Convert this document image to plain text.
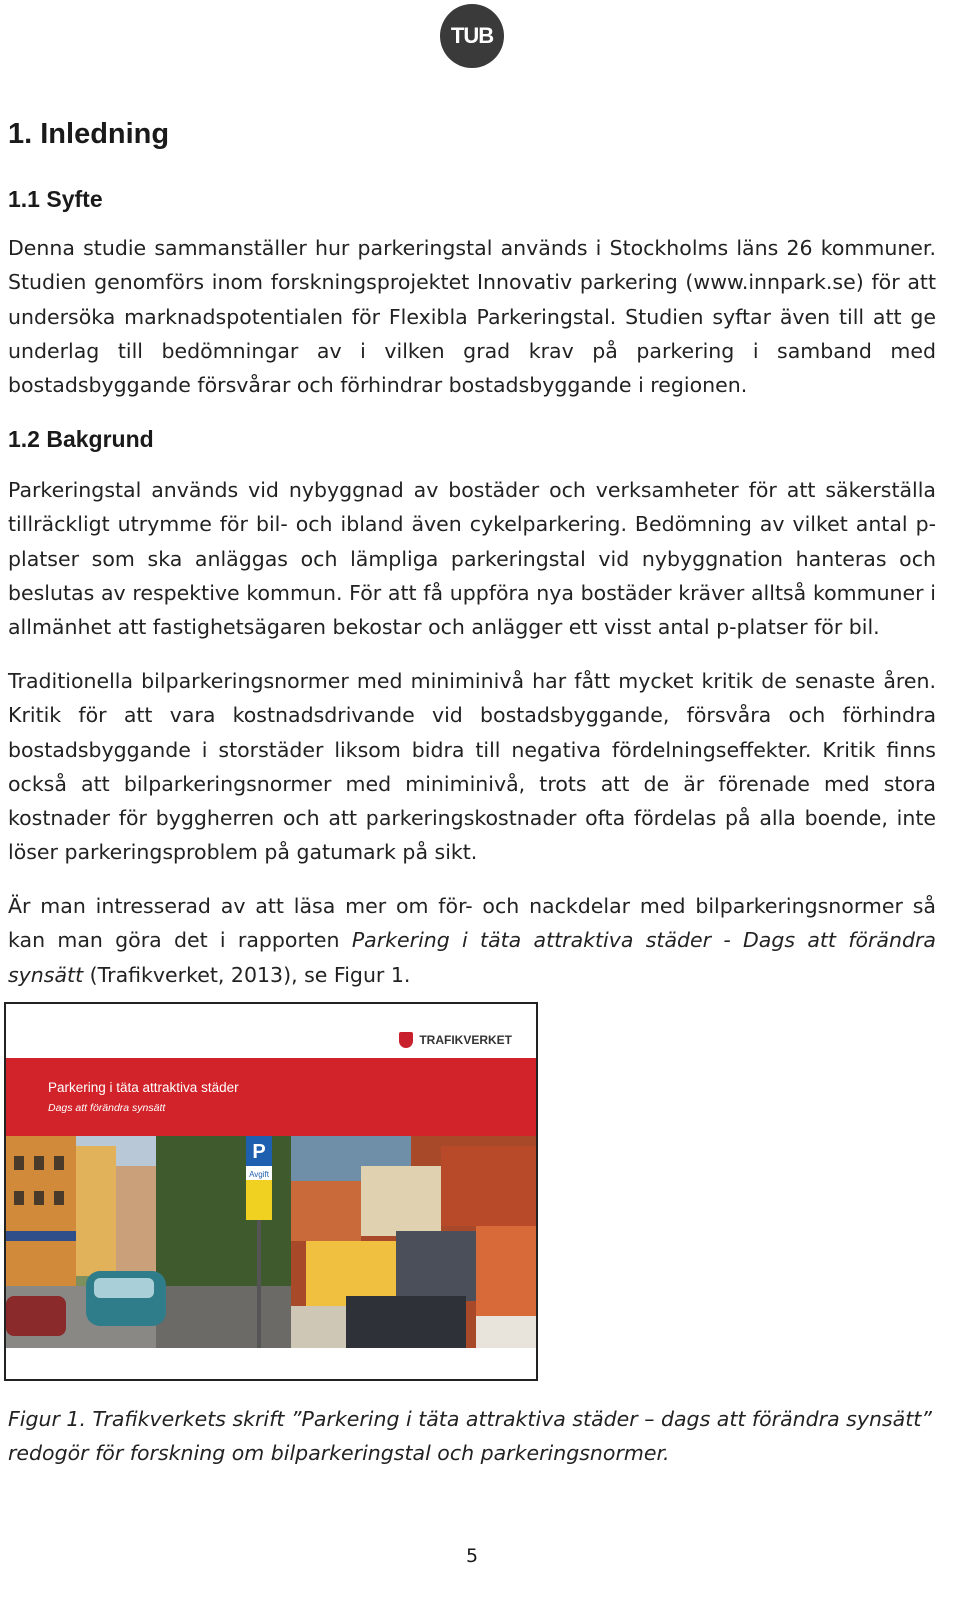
TUB
1. Inledning
1.1 Syfte

Denna studie sammanställer hur parkeringstal används i Stockholms läns 26 kommuner. Studien genomförs inom forskningsprojektet Innovativ parkering (www.innpark.se) för att undersöka marknadspotentialen för Flexibla Parkeringstal. Studien syftar även till att ge underlag till bedömningar av i vilken grad krav på parkering i samband med bostadsbyggande försvårar och förhindrar bostadsbyggande i regionen.

1.2 Bakgrund

Parkeringstal används vid nybyggnad av bostäder och verksamheter för att säkerställa tillräckligt utrymme för bil- och ibland även cykelparkering. Bedömning av vilket antal p-platser som ska anläggas och lämpliga parkeringstal vid nybyggnation hanteras och beslutas av respektive kommun. För att få uppföra nya bostäder kräver alltså kommuner i allmänhet att fastighetsägaren bekostar och anlägger ett visst antal p-platser för bil.

Traditionella bilparkeringsnormer med miniminivå har fått mycket kritik de senaste åren. Kritik för att vara kostnadsdrivande vid bostadsbyggande, försvåra och förhindra bostadsbyggande i storstäder liksom bidra till negativa fördelningseffekter. Kritik finns också att bilparkeringsnormer med miniminivå, trots att de är förenade med stora kostnader för byggherren och att parkeringskostnader ofta fördelas på alla boende, inte löser parkeringsproblem på gatumark på sikt.

Är man intresserad av att läsa mer om för- och nackdelar med bilparkeringsnormer så kan man göra det i rapporten Parkering i täta attraktiva städer - Dags att förändra synsätt (Trafikverket, 2013), se Figur 1.

TRAFIKVERKET
Parkering i täta attraktiva städer
Dags att förändra synsätt
P
Avgift

Figur 1. Trafikverkets skrift ”Parkering i täta attraktiva städer – dags att förändra synsätt” redogör för forskning om bilparkeringstal och parkeringsnormer.

5
